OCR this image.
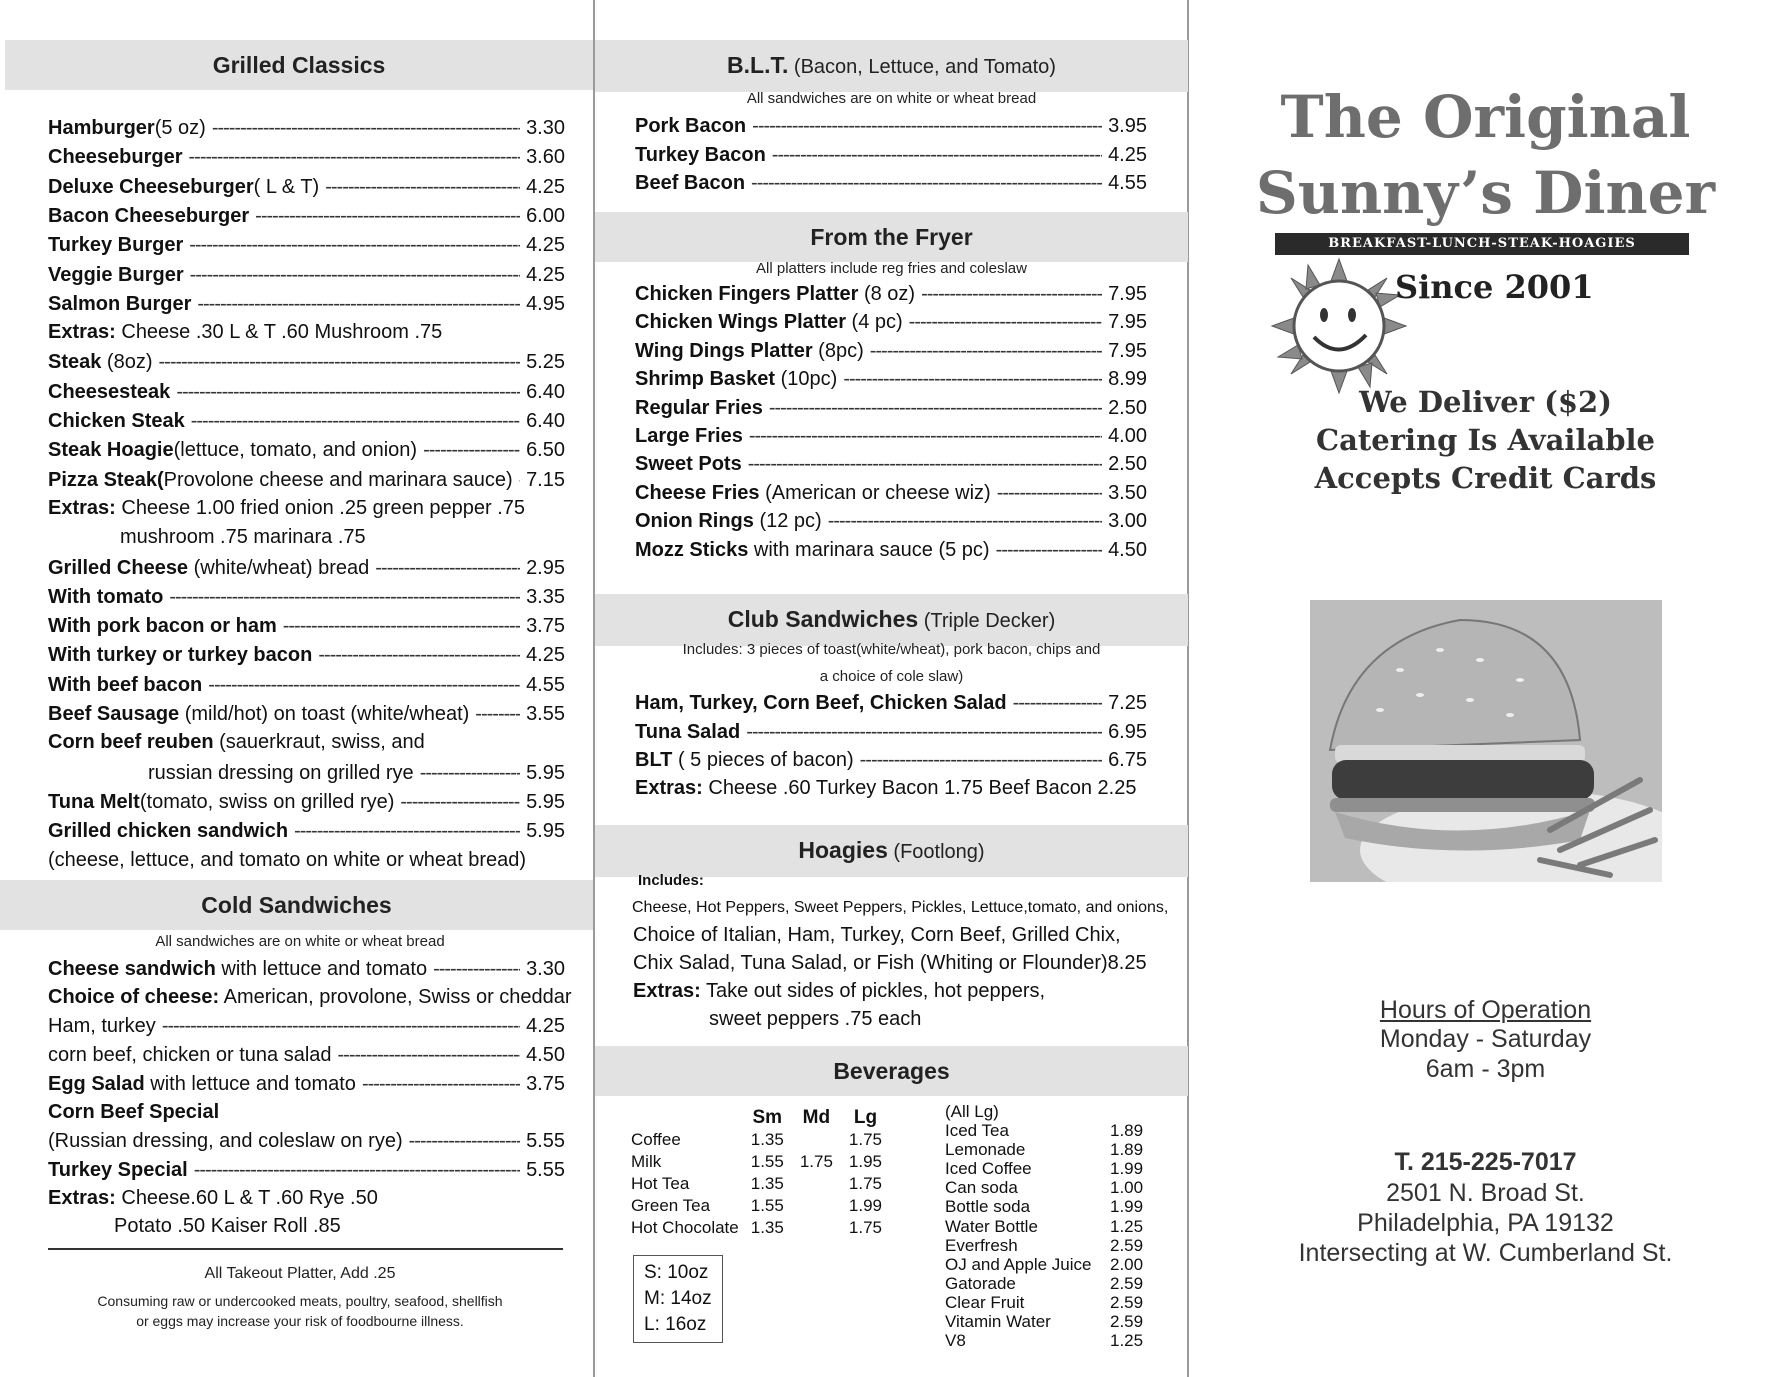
Grilled Classics
Hamburger(5 oz) -----	3.30
Cheeseburger -----	3.60
Deluxe Cheeseburger( L & T) -----	4.25
Bacon Cheeseburger -----	6.00
Turkey Burger -----	4.25
Veggie Burger -----	4.25
Salmon Burger -----	4.95
Extras: Cheese .30 L & T .60 Mushroom .75
Steak (8oz) -----	5.25
Cheesesteak -----	6.40
Chicken Steak -----	6.40
Steak Hoagie(lettuce, tomato, and onion) -----	6.50
Pizza Steak(Provolone cheese and marinara sauce) ----- 7.15
Extras: Cheese 1.00 fried onion .25 green pepper .75
mushroom .75 marinara .75
Grilled Cheese (white/wheat) bread -----	2.95
With tomato -----	3.35
With pork bacon or ham -----	3.75
With turkey or turkey bacon -----	4.25
With beef bacon -----	4.55
Beef Sausage (mild/hot) on toast (white/wheat) -----	3.55
Corn beef reuben (sauerkraut, swiss, and
russian dressing on grilled rye -----	5.95
Tuna Melt(tomato, swiss on grilled rye) -----	5.95
Grilled chicken sandwich -----	5.95
(cheese, lettuce, and tomato on white or wheat bread)
Cold Sandwiches
All sandwiches are on white or wheat bread
Cheese sandwich with lettuce and tomato -----	3.30
Choice of cheese: American, provolone, Swiss or cheddar
Ham, turkey -----	4.25
corn beef, chicken or tuna salad -----	4.50
Egg Salad with lettuce and tomato -----	3.75
Corn Beef Special
(Russian dressing, and coleslaw on rye) -----	5.55
Turkey Special -----	5.55
Extras: Cheese.60 L & T .60 Rye .50
Potato .50 Kaiser Roll .85
All Takeout Platter, Add .25
Consuming raw or undercooked meats, poultry, seafood, shellfish
or eggs may increase your risk of foodbourne illness.
B.L.T. (Bacon, Lettuce, and Tomato)
All sandwiches are on white or wheat bread
Pork Bacon -----	3.95
Turkey Bacon -----	4.25
Beef Bacon -----	4.55
From the Fryer
All platters include reg fries and coleslaw
Chicken Fingers Platter (8 oz) -----	7.95
Chicken Wings Platter (4 pc) -----	7.95
Wing Dings Platter (8pc) -----	7.95
Shrimp Basket (10pc) -----	8.99
Regular Fries -----	2.50
Large Fries -----	4.00
Sweet Pots -----	2.50
Cheese Fries (American or cheese wiz) -----	3.50
Onion Rings (12 pc) -----	3.00
Mozz Sticks with marinara sauce (5 pc) -----	4.50
Club Sandwiches (Triple Decker)
Includes: 3 pieces of toast(white/wheat), pork bacon, chips and
a choice of cole slaw)
Ham, Turkey, Corn Beef, Chicken Salad -----	7.25
Tuna Salad -----	6.95
BLT ( 5 pieces of bacon) -----	6.75
Extras: Cheese .60 Turkey Bacon 1.75 Beef Bacon 2.25
Hoagies (Footlong)
Includes:
Cheese, Hot Peppers, Sweet Peppers, Pickles, Lettuce,tomato, and onions,
Choice of Italian, Ham, Turkey, Corn Beef, Grilled Chix,
Chix Salad, Tuna Salad, or Fish (Whiting or Flounder)8.25
Extras: Take out sides of pickles, hot peppers,
sweet peppers .75 each
Beverages
	Sm	Md	Lg
Coffee	1.35		1.75
Milk	1.55	1.75	1.95
Hot Tea	1.35		1.75
Green Tea	1.55		1.99
Hot Chocolate	1.35		1.75
S: 10oz
M: 14oz
L: 16oz
(All Lg)
Iced Tea	1.89
Lemonade	1.89
Iced Coffee	1.99
Can soda	1.00
Bottle soda	1.99
Water Bottle	1.25
Everfresh	2.59
OJ and Apple Juice 2.00
Gatorade	2.59
Clear Fruit	2.59
Vitamin Water	2.59
V8	1.25
The Original
Sunny’s Diner
BREAKFAST-LUNCH-STEAK-HOAGIES
Since 2001
We Deliver ($2)
Catering Is Available
Accepts Credit Cards
Hours of Operation
Monday - Saturday
6am - 3pm
T. 215-225-7017
2501 N. Broad St.
Philadelphia, PA 19132
Intersecting at W. Cumberland St.
